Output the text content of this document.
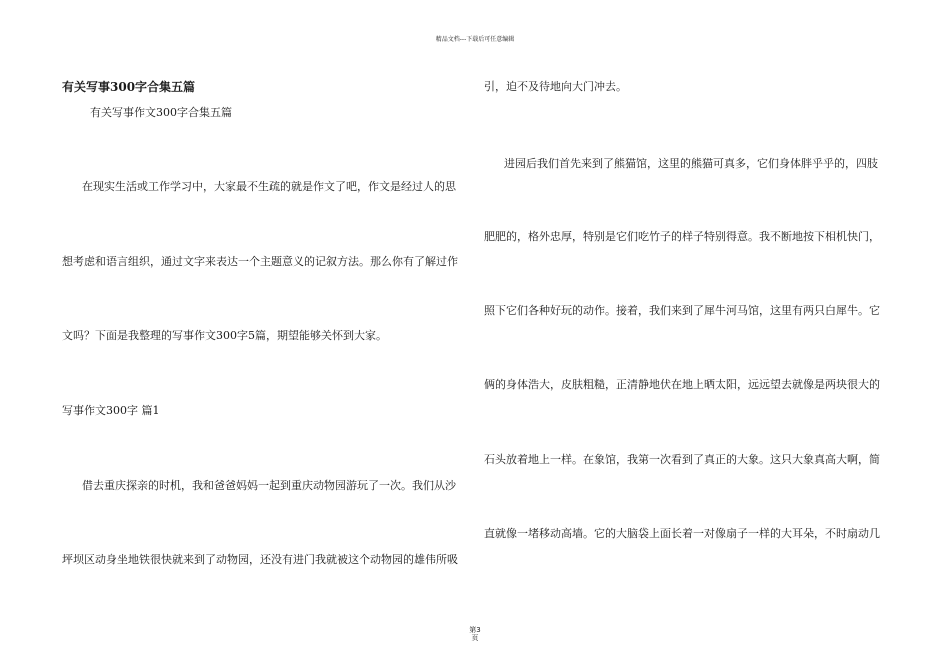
精品文档---下载后可任意编辑
有关写事300字合集五篇
有关写事作文300字合集五篇
在现实生活或工作学习中，大家最不生疏的就是作文了吧，作文是经过人的思
想考虑和语言组织，通过文字来表达一个主题意义的记叙方法。那么你有了解过作
文吗？下面是我整理的写事作文300字5篇，期望能够关怀到大家。
写事作文300字 篇1
借去重庆探亲的时机，我和爸爸妈妈一起到重庆动物园游玩了一次。我们从沙
坪坝区动身坐地铁很快就来到了动物园，还没有进门我就被这个动物园的雄伟所吸
引，迫不及待地向大门冲去。
进园后我们首先来到了熊猫馆，这里的熊猫可真多，它们身体胖乎乎的，四肢
肥肥的，格外忠厚，特别是它们吃竹子的样子特别得意。我不断地按下相机快门，
照下它们各种好玩的动作。接着，我们来到了犀牛河马馆，这里有两只白犀牛。它
俩的身体浩大，皮肤粗糙，正清静地伏在地上晒太阳，远远望去就像是两块很大的
石头放着地上一样。在象馆，我第一次看到了真正的大象。这只大象真高大啊，简
直就像一堵移动高墙。它的大脑袋上面长着一对像扇子一样的大耳朵，不时扇动几
第3
页
